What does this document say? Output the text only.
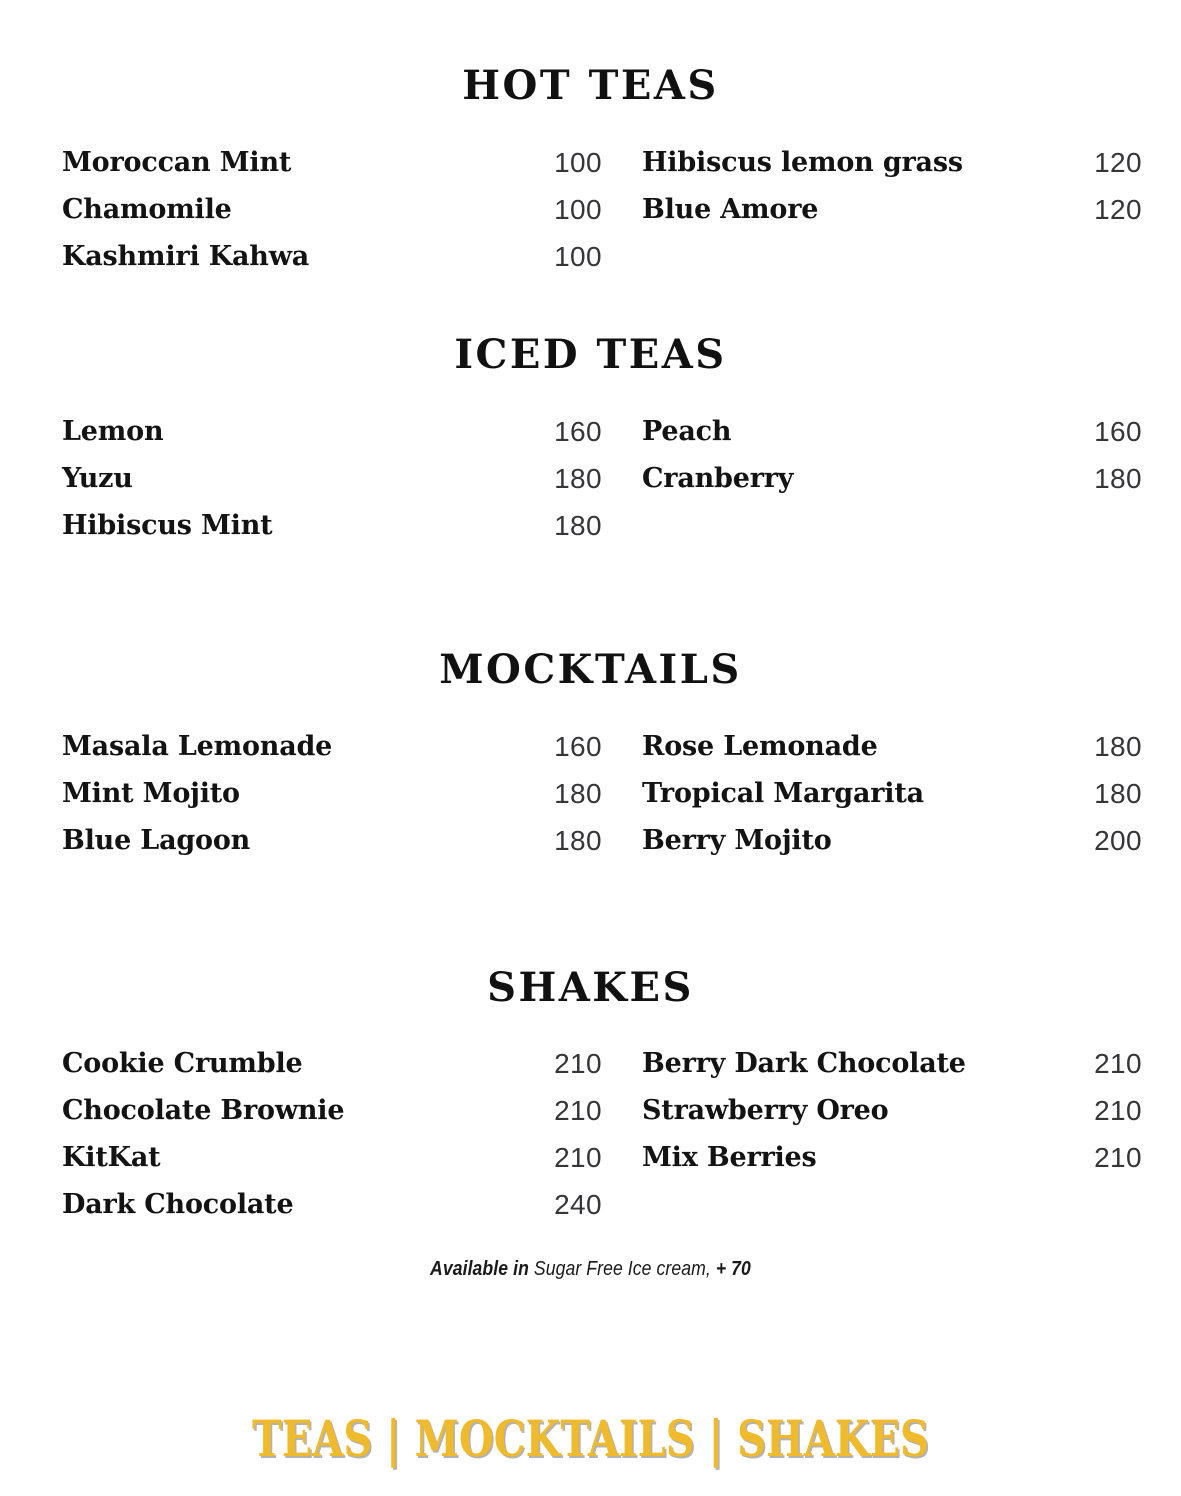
HOT TEAS
Moroccan Mint	100	Hibiscus lemon grass	120
Chamomile	100	Blue Amore	120
Kashmiri Kahwa	100
ICED TEAS
Lemon	160	Peach	160
Yuzu	180	Cranberry	180
Hibiscus Mint	180
MOCKTAILS
Masala Lemonade	160	Rose Lemonade	180
Mint Mojito	180	Tropical Margarita	180
Blue Lagoon	180	Berry Mojito	200
SHAKES
Cookie Crumble	210	Berry Dark Chocolate	210
Chocolate Brownie	210	Strawberry Oreo	210
KitKat	210	Mix Berries	210
Dark Chocolate	240
Available in Sugar Free Ice cream, + 70
TEAS | MOCKTAILS | SHAKES
